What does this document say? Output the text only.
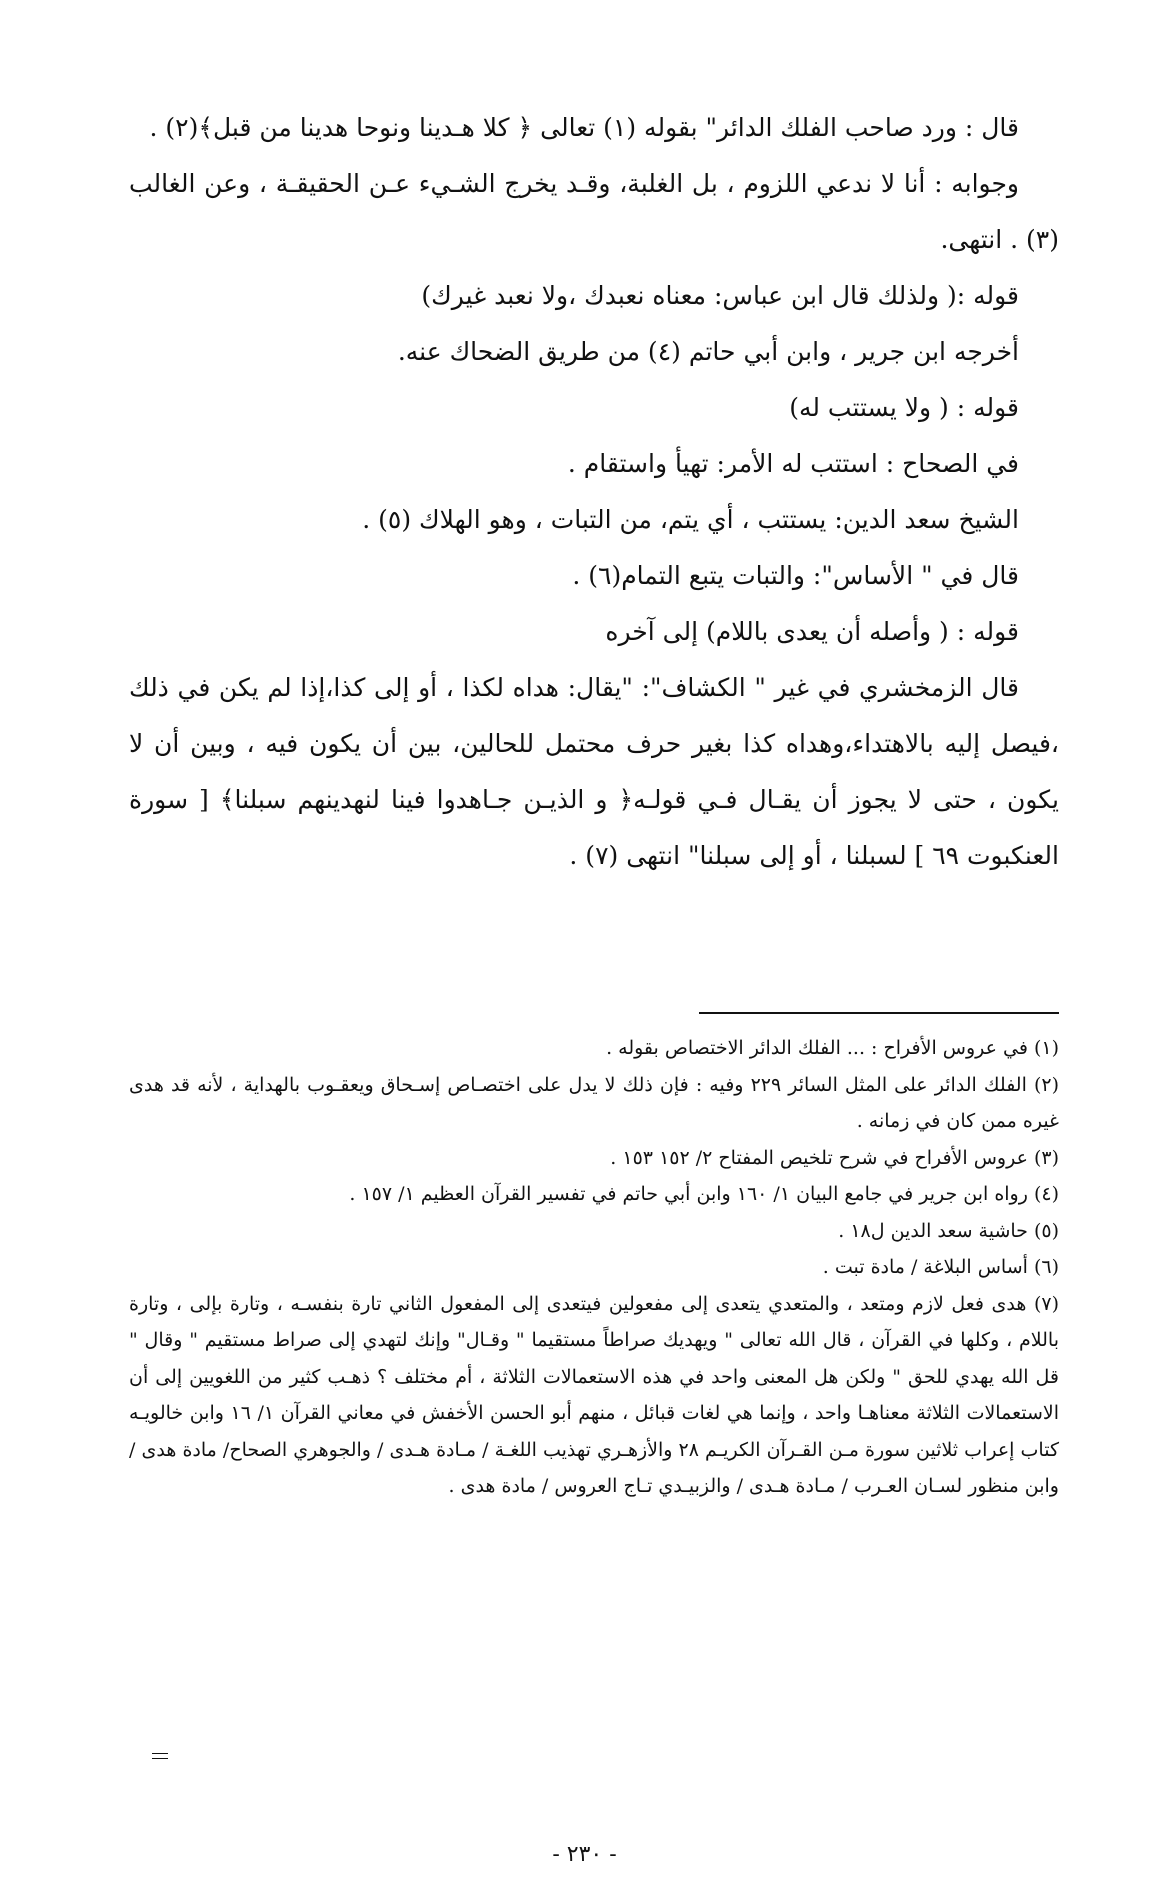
قال : ورد صاحب الفلك الدائر" بقوله (١) تعالى ﴿ كلا هـدينا ونوحا هدينا من قبل﴾(٢) .

وجوابه : أنا لا ندعي اللزوم ، بل الغلبة، وقـد يخرج الشـيء عـن الحقيقـة ، وعن الغالب (٣) . انتهى.

قوله :( ولذلك قال ابن عباس: معناه نعبدك ،ولا نعبد غيرك)

أخرجه ابن جرير ، وابن أبي حاتم (٤) من طريق الضحاك عنه.

قوله : ( ولا يستتب له)

في الصحاح : استتب له الأمر: تهيأ واستقام .

الشيخ سعد الدين: يستتب ، أي يتم، من التبات ، وهو الهلاك (٥) .

قال في " الأساس": والتبات يتبع التمام(٦) .

قوله : ( وأصله أن يعدى باللام) إلى آخره

قال الزمخشري في غير " الكشاف": "يقال: هداه لكذا ، أو إلى كذا،إذا لم يكن في ذلك ،فيصل إليه بالاهتداء،وهداه كذا بغير حرف محتمل للحالين، بين أن يكون فيه ، وبين أن لا يكون ، حتى لا يجوز أن يقـال فـي قولـه﴿ و الذيـن جـاهدوا فينا لنهدينهم سبلنا﴾ [ سورة العنكبوت ٦٩ ] لسبلنا ، أو إلى سبلنا" انتهى (٧) .

(١) في عروس الأفراح : ... الفلك الدائر الاختصاص بقوله .

(٢) الفلك الدائر على المثل السائر ٢٢٩ وفيه : فإن ذلك لا يدل على اختصـاص إسـحاق ويعقـوب بالهداية ، لأنه قد هدى غيره ممن كان في زمانه .

(٣) عروس الأفراح في شرح تلخيص المفتاح ٢/ ١٥٢ ١٥٣ .

(٤) رواه ابن جرير في جامع البيان ١/ ١٦٠ وابن أبي حاتم في تفسير القرآن العظيم ١/ ١٥٧ .

(٥) حاشية سعد الدين ل١٨ .

(٦) أساس البلاغة / مادة تبت .

(٧) هدى فعل لازم ومتعد ، والمتعدي يتعدى إلى مفعولين فيتعدى إلى المفعول الثاني تارة بنفسـه ، وتارة بإلى ، وتارة باللام ، وكلها في القرآن ، قال الله تعالى " ويهديك صراطاً مستقيما " وقـال" وإنك لتهدي إلى صراط مستقيم " وقال " قل الله يهدي للحق " ولكن هل المعنى واحد في هذه الاستعمالات الثلاثة ، أم مختلف ؟ ذهـب كثير من اللغويين إلى أن الاستعمالات الثلاثة معناهـا واحد ، وإنما هي لغات قبائل ، منهم أبو الحسن الأخفش في معاني القرآن ١/ ١٦ وابن خالويـه كتاب إعراب ثلاثين سورة مـن القـرآن الكريـم ٢٨ والأزهـري تهذيب اللغـة / مـادة هـدى / والجوهري الصحاح/ مادة هدى / وابن منظور لسـان العـرب / مـادة هـدى / والزبيـدي تـاج العروس / مادة هدى .

- ٢٣٠ -
